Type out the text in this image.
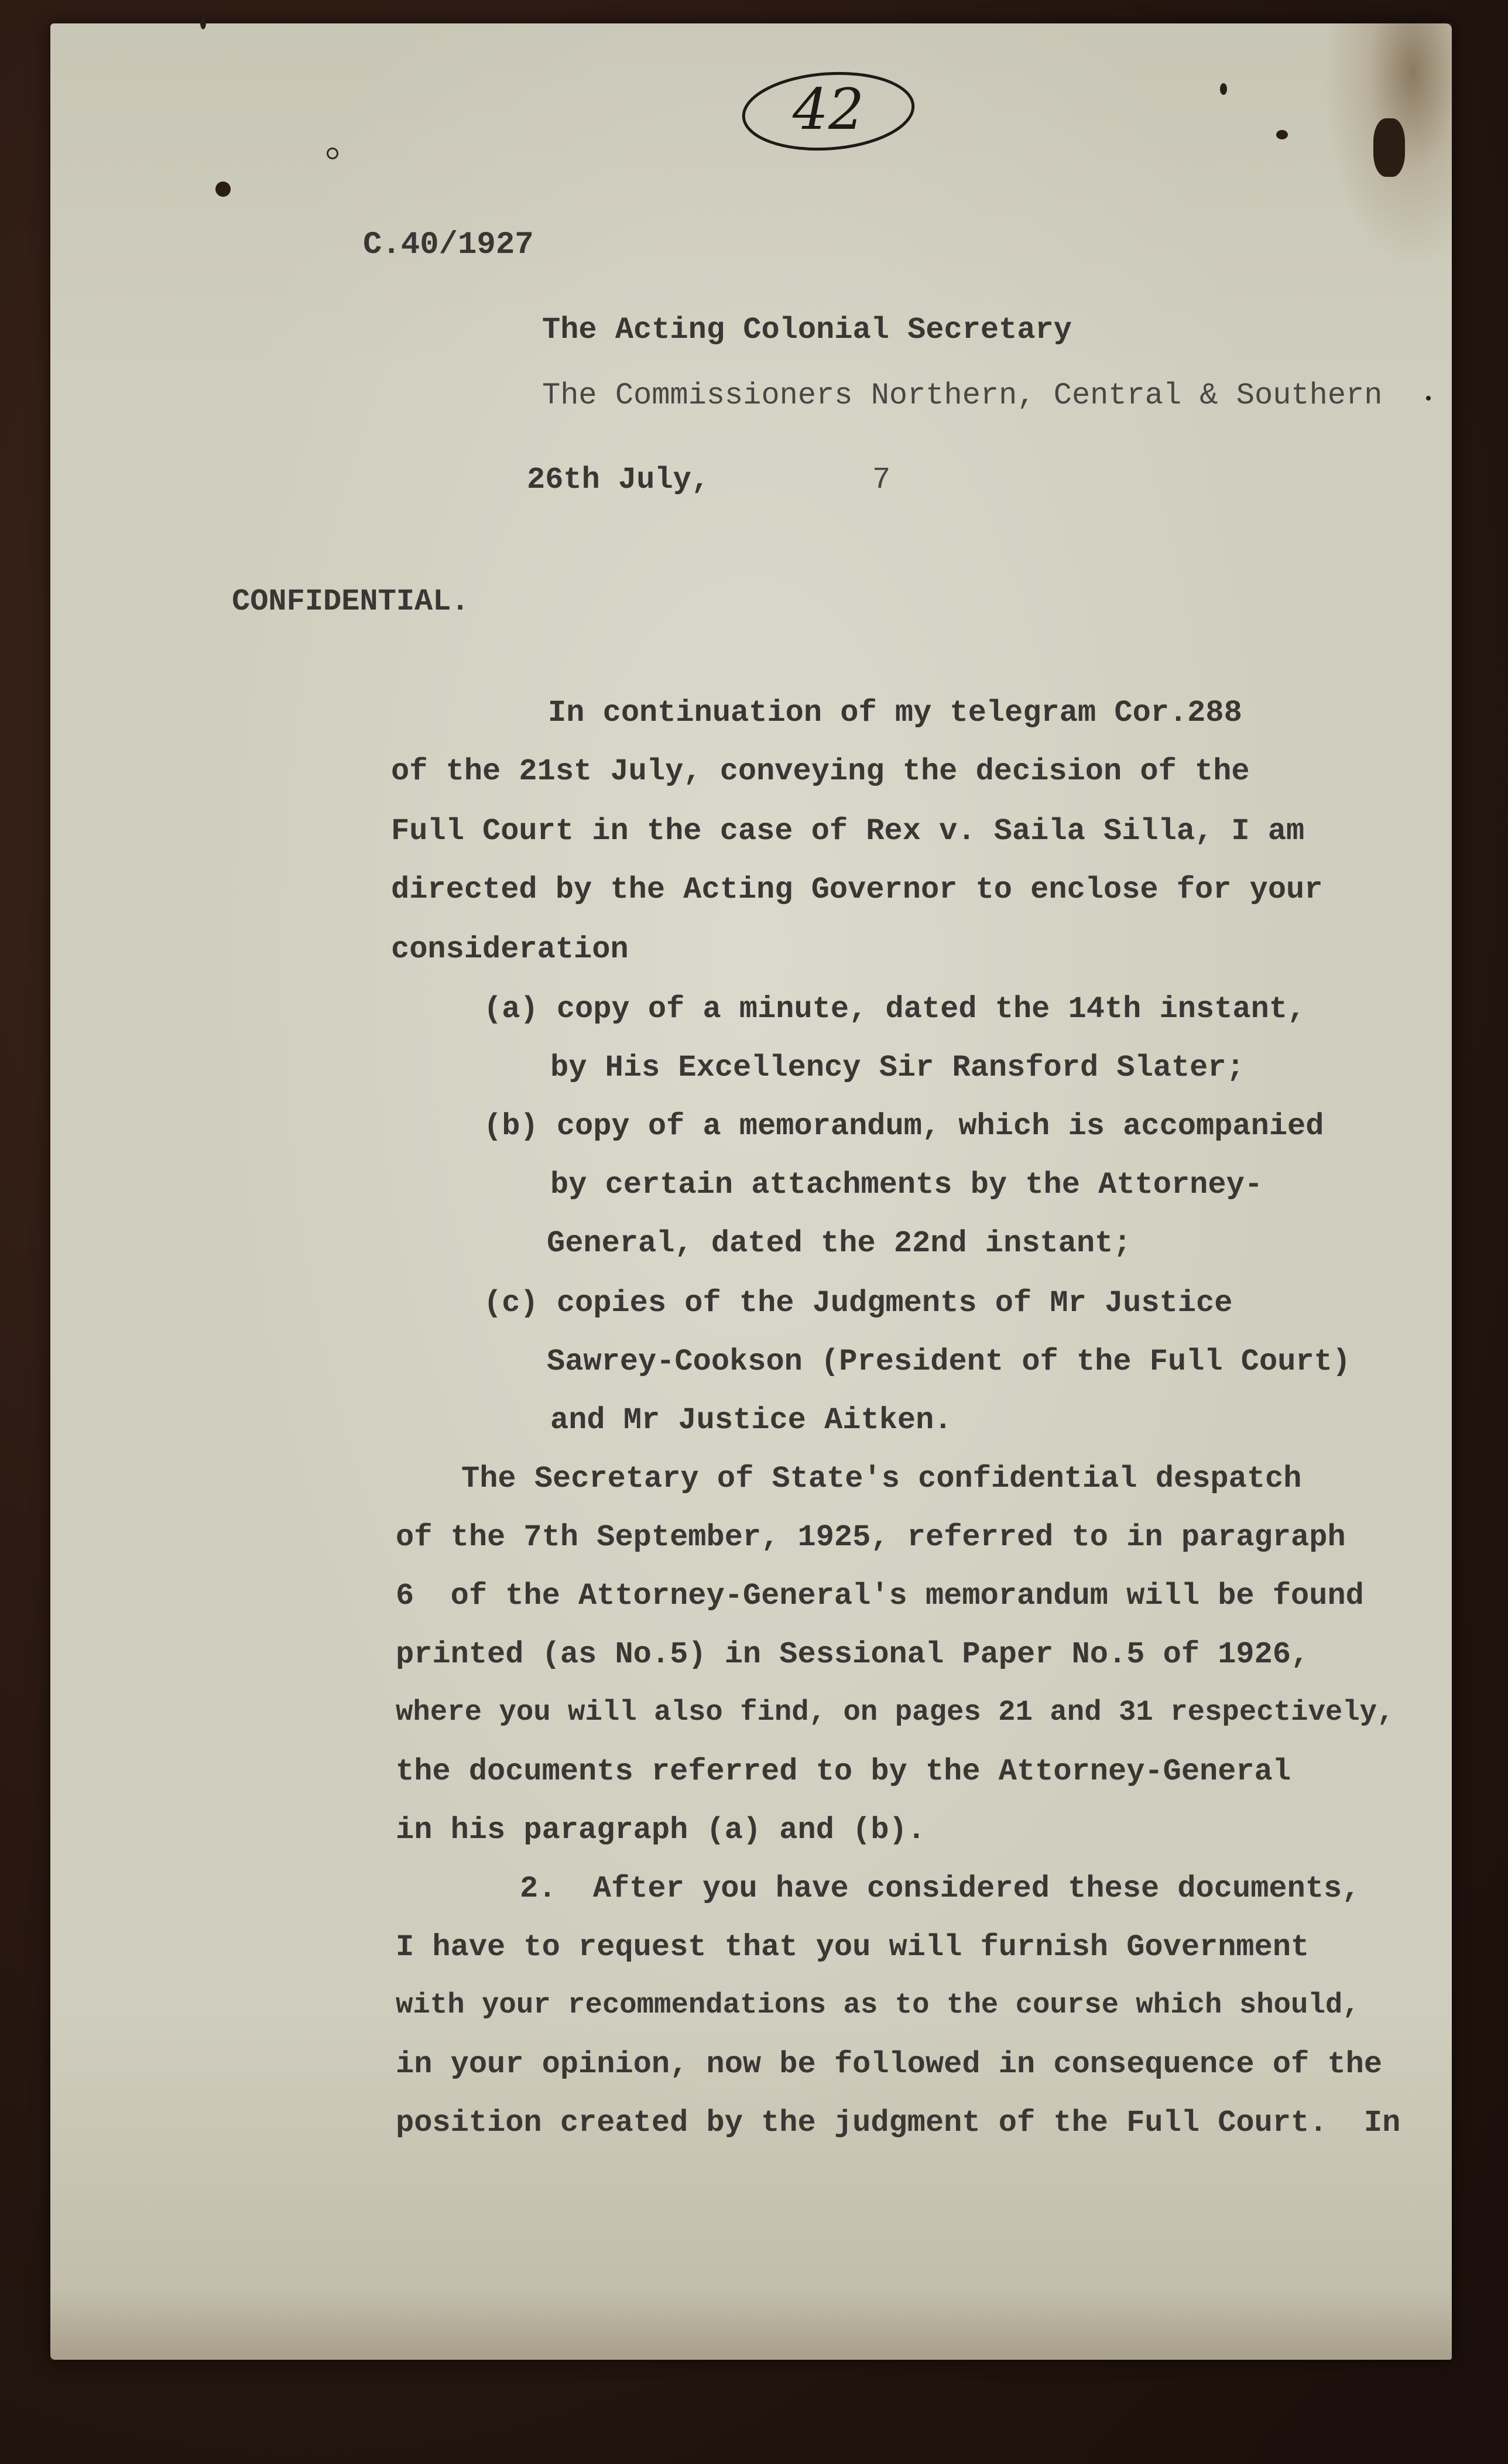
42
C.40/1927
The Acting Colonial Secretary
The Commissioners Northern, Central & Southern
26th July,	7
CONFIDENTIAL.
In continuation of my telegram Cor.288
of the 21st July, conveying the decision of the
Full Court in the case of Rex v. Saila Silla, I am
directed by the Acting Governor to enclose for your
consideration
(a) copy of a minute, dated the 14th instant,
by His Excellency Sir Ransford Slater;
(b) copy of a memorandum, which is accompanied
by certain attachments by the Attorney-
General, dated the 22nd instant;
(c) copies of the Judgments of Mr Justice
Sawrey-Cookson (President of the Full Court)
and Mr Justice Aitken.
The Secretary of State's confidential despatch
of the 7th September, 1925, referred to in paragraph
6  of the Attorney-General's memorandum will be found
printed (as No.5) in Sessional Paper No.5 of 1926,
where you will also find, on pages 21 and 31 respectively,
the documents referred to by the Attorney-General
in his paragraph (a) and (b).
2.  After you have considered these documents,
I have to request that you will furnish Government
with your recommendations as to the course which should,
in your opinion, now be followed in consequence of the
position created by the judgment of the Full Court.  In
